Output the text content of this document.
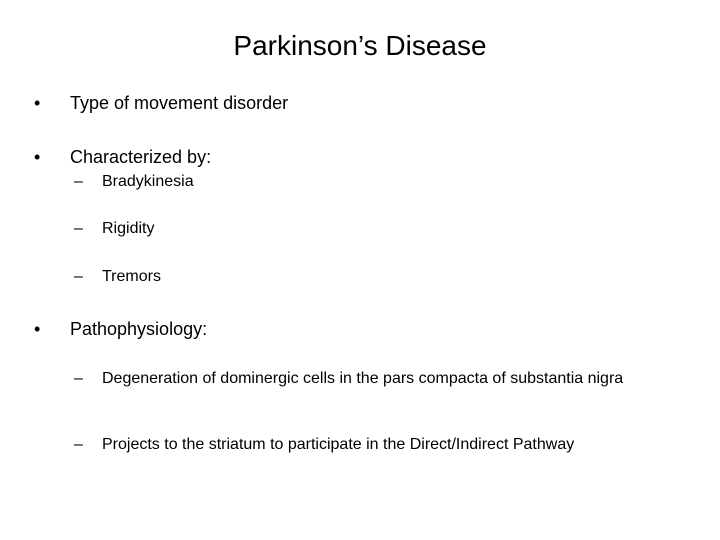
Parkinson’s Disease
•	Type of movement disorder
•	Characterized by:
– Bradykinesia
– Rigidity
– Tremors
•	Pathophysiology:
– Degeneration of dominergic cells in the pars compacta of substantia nigra
– Projects to the striatum to participate in the Direct/Indirect Pathway
